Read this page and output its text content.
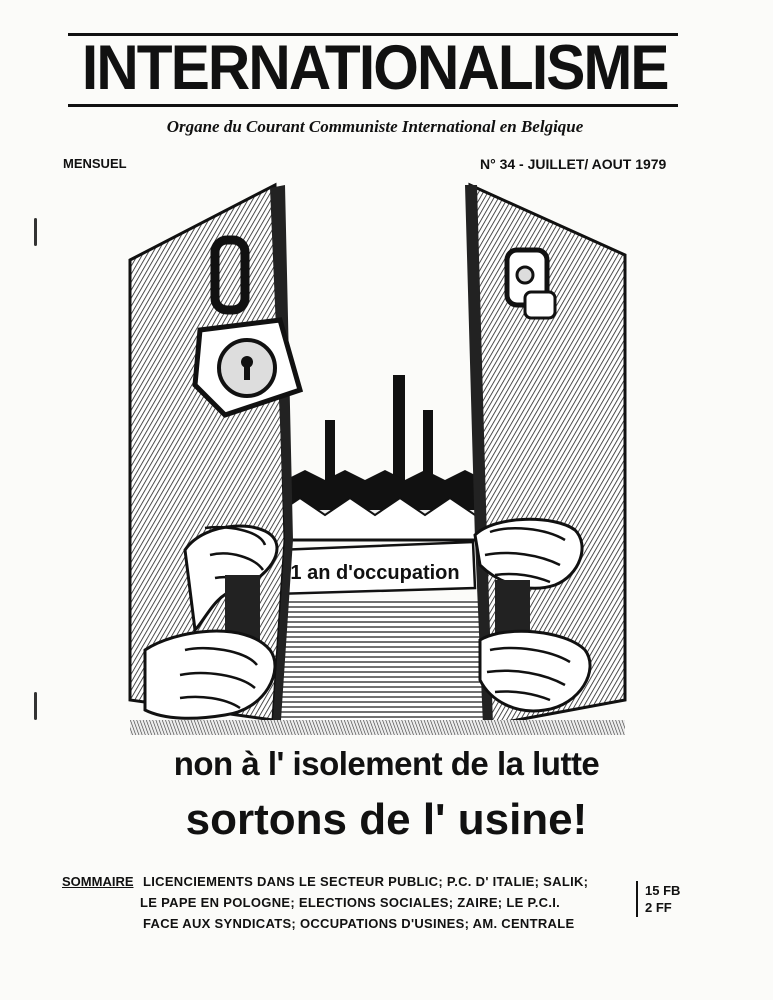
INTERNATIONALISME
Organe du Courant Communiste International en Belgique
MENSUEL	N° 34 - JUILLET/ AOUT 1979
1 an d'occupation
non à l' isolement de la lutte
sortons de l' usine!
SOMMAIRE LICENCIEMENTS DANS LE SECTEUR PUBLIC; P.C. D' ITALIE; SALIK;
LE PAPE EN POLOGNE; ELECTIONS SOCIALES; ZAIRE; LE P.C.I.
FACE AUX SYNDICATS; OCCUPATIONS D'USINES; AM. CENTRALE
15 FB
2 FF
